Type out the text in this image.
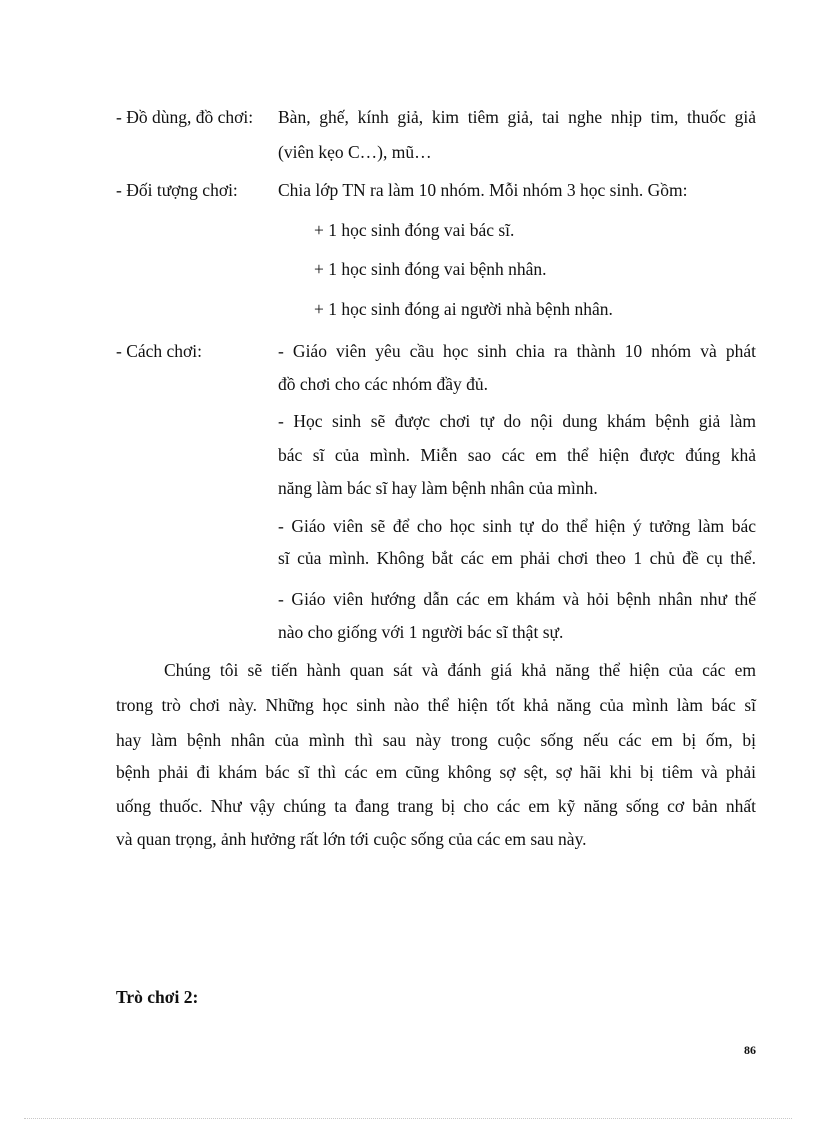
- Đồ dùng, đồ chơi: Bàn, ghế, kính giả, kim tiêm giả, tai nghe nhịp tim, thuốc giả
(viên kẹo C…), mũ…
- Đối tượng chơi: Chia lớp TN ra làm 10 nhóm. Mỗi nhóm 3 học sinh. Gồm:
+ 1 học sinh đóng vai bác sĩ.
+ 1 học sinh đóng vai bệnh nhân.
+ 1 học sinh đóng ai người nhà bệnh nhân.
- Cách chơi:	- Giáo viên yêu cầu học sinh chia ra thành 10 nhóm và phát
đồ chơi cho các nhóm đầy đủ.
- Học sinh sẽ được chơi tự do nội dung khám bệnh giả làm
bác sĩ của mình. Miễn sao các em thể hiện được đúng khả
năng làm bác sĩ hay làm bệnh nhân của mình.
- Giáo viên sẽ để cho học sinh tự do thể hiện ý tưởng làm bác
sĩ của mình. Không bắt các em phải chơi theo 1 chủ đề cụ thể.
- Giáo viên hướng dẫn các em khám và hỏi bệnh nhân như thế
nào cho giống với 1 người bác sĩ thật sự.
Chúng tôi sẽ tiến hành quan sát và đánh giá khả năng thể hiện của các em
trong trò chơi này. Những học sinh nào thể hiện tốt khả năng của mình làm bác sĩ
hay làm bệnh nhân của mình thì sau này trong cuộc sống nếu các em bị ốm, bị
bệnh phải đi khám bác sĩ thì các em cũng không sợ sệt, sợ hãi khi bị tiêm và phải
uống thuốc. Như vậy chúng ta đang trang bị cho các em kỹ năng sống cơ bản nhất
và quan trọng, ảnh hưởng rất lớn tới cuộc sống của các em sau này.
Trò chơi 2:
86
